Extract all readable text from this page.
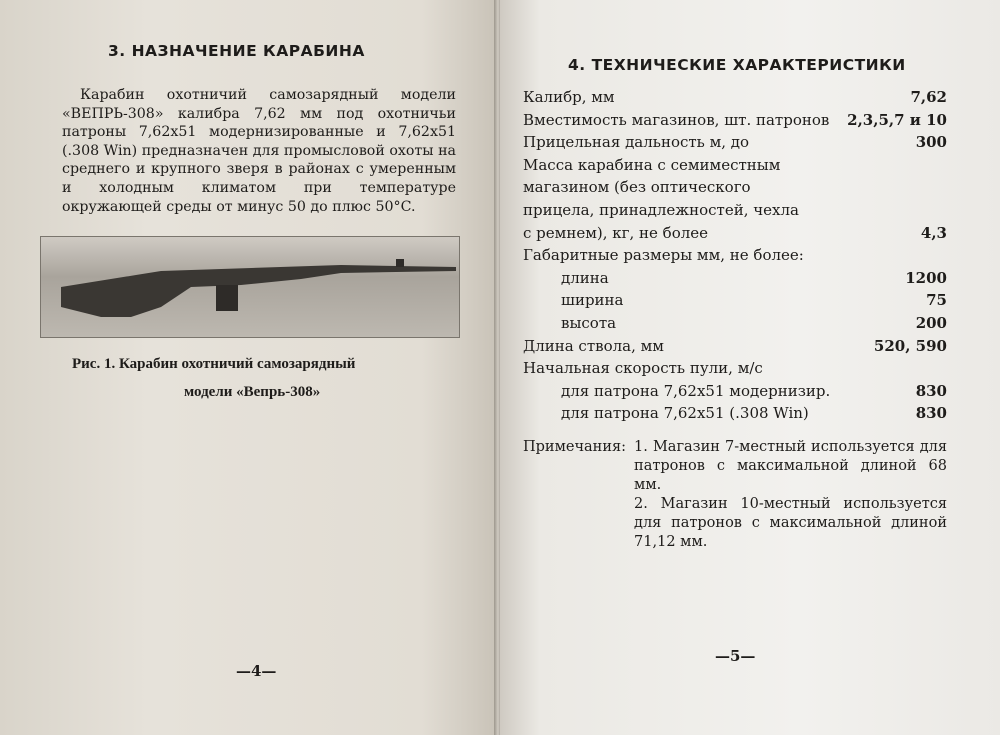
3. НАЗНАЧЕНИЕ КАРАБИНА
Карабин охотничий самозарядный модели «ВЕПРЬ-308» калибра 7,62 мм под охотничьи патроны 7,62x51 модернизированные и 7,62x51 (.308 Win) предназначен для промысловой охоты на среднего и крупного зверя в районах с умеренным и холодным климатом при температуре окружающей среды от минус 50 до плюс 50°C.
Рис. 1. Карабин охотничий самозарядный
модели «Вепрь-308»
—4—
4. ТЕХНИЧЕСКИЕ ХАРАКТЕРИСТИКИ
Калибр, мм	7,62
Вместимость магазинов, шт. патронов 2,3,5,7 и 10
Прицельная дальность м, до	300
Масса карабина с семиместным
магазином (без оптического
прицела, принадлежностей, чехла
с ремнем), кг, не более	4,3
Габаритные размеры мм, не более:
длина	1200
ширина	75
высота	200
Длина ствола, мм	520, 590
Начальная скорость пули, м/с
для патрона 7,62x51 модернизир.	830
для патрона 7,62x51 (.308 Win)	830
Примечания: 1. Магазин 7-местный используется для патронов с максимальной длиной 68 мм.
2. Магазин 10-местный используется для патронов с максимальной длиной 71,12 мм.
—5—
